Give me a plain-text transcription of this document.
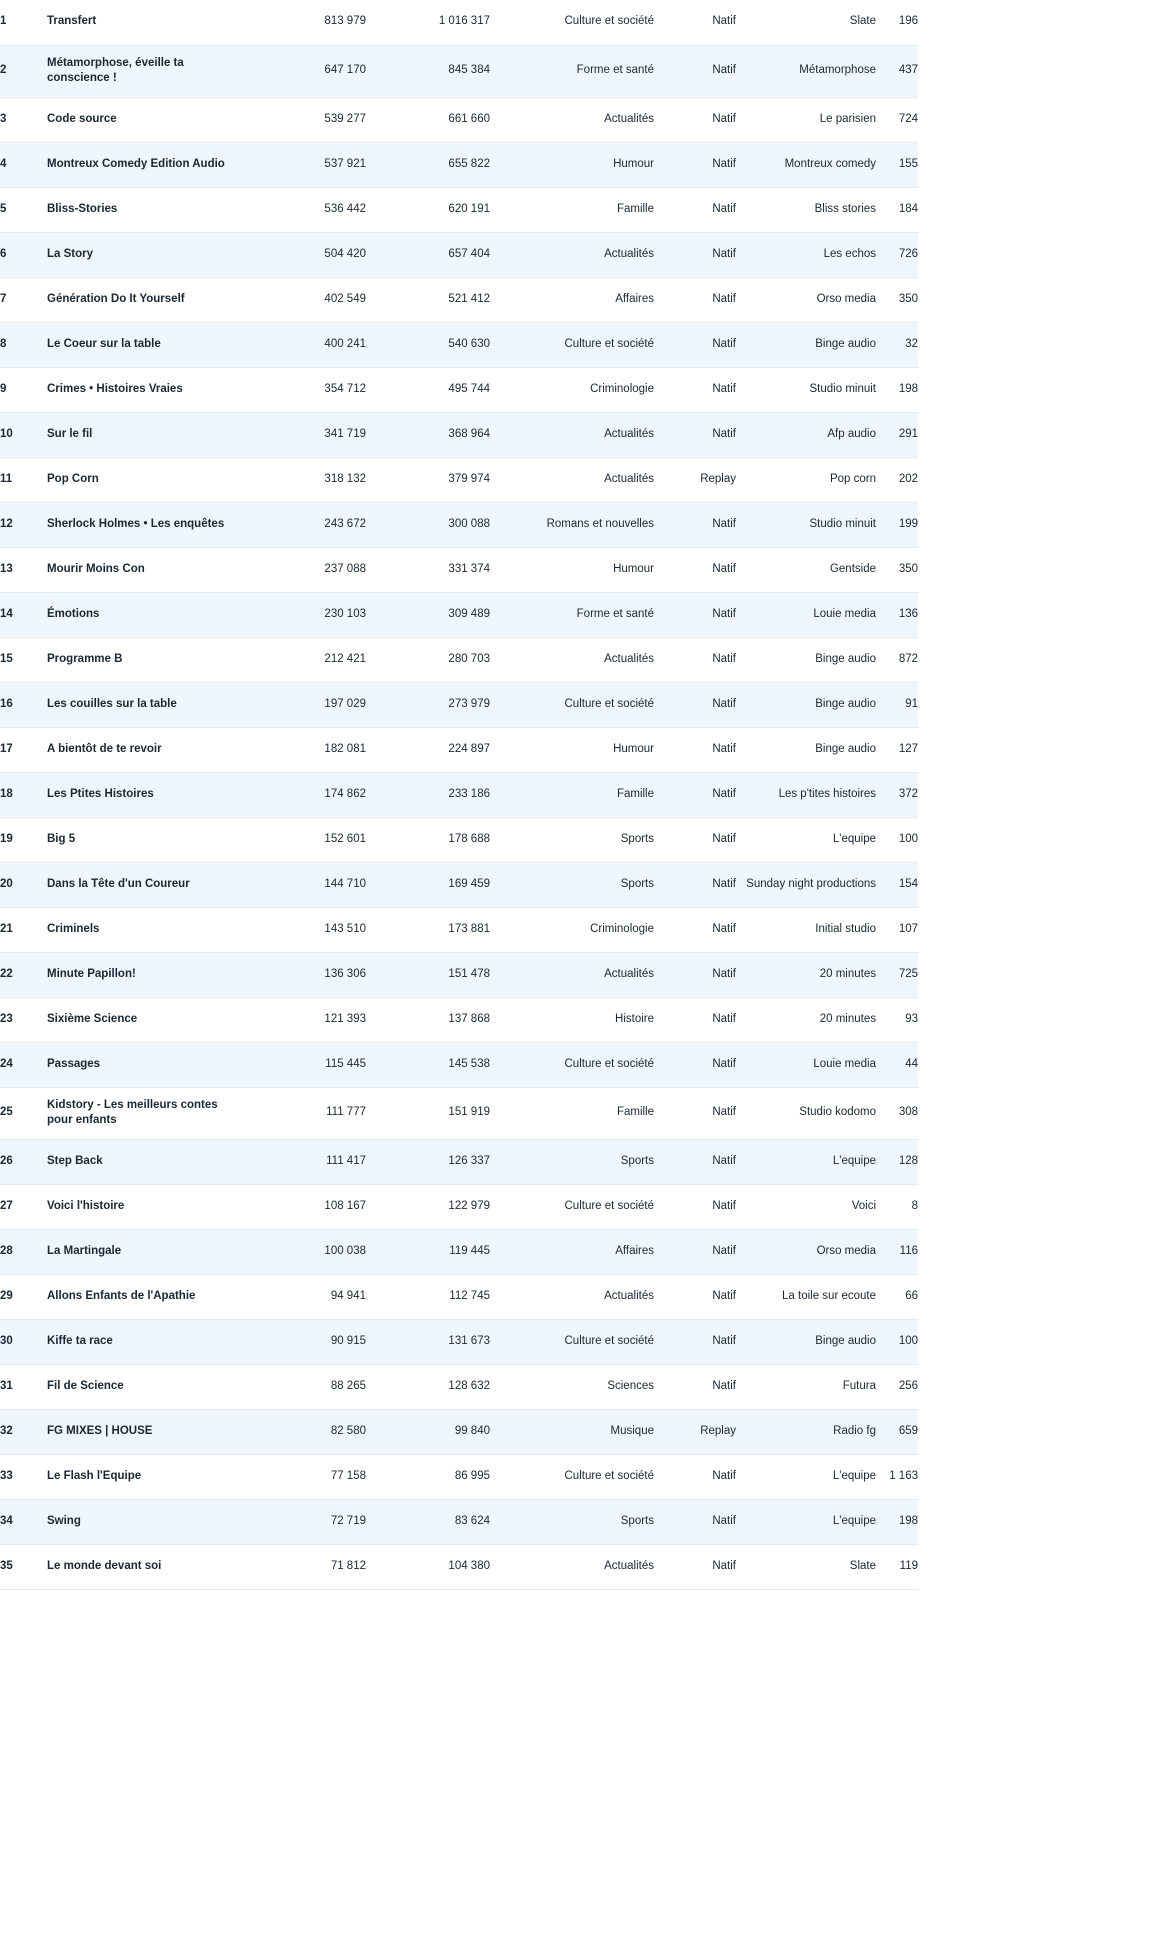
1	Transfert	813 979	1 016 317	Culture et société	Natif	Slate	196
2	Métamorphose, éveille ta conscience !	647 170	845 384	Forme et santé	Natif	Métamorphose	437
3	Code source	539 277	661 660	Actualités	Natif	Le parisien	724
4	Montreux Comedy Edition Audio	537 921	655 822	Humour	Natif	Montreux comedy	155
5	Bliss-Stories	536 442	620 191	Famille	Natif	Bliss stories	184
6	La Story	504 420	657 404	Actualités	Natif	Les echos	726
7	Génération Do It Yourself	402 549	521 412	Affaires	Natif	Orso media	350
8	Le Coeur sur la table	400 241	540 630	Culture et société	Natif	Binge audio	32
9	Crimes • Histoires Vraies	354 712	495 744	Criminologie	Natif	Studio minuit	198
10	Sur le fil	341 719	368 964	Actualités	Natif	Afp audio	291
11	Pop Corn	318 132	379 974	Actualités	Replay	Pop corn	202
12	Sherlock Holmes • Les enquêtes	243 672	300 088	Romans et nouvelles	Natif	Studio minuit	199
13	Mourir Moins Con	237 088	331 374	Humour	Natif	Gentside	350
14	Émotions	230 103	309 489	Forme et santé	Natif	Louie media	136
15	Programme B	212 421	280 703	Actualités	Natif	Binge audio	872
16	Les couilles sur la table	197 029	273 979	Culture et société	Natif	Binge audio	91
17	A bientôt de te revoir	182 081	224 897	Humour	Natif	Binge audio	127
18	Les Ptites Histoires	174 862	233 186	Famille	Natif	Les p'tites histoires	372
19	Big 5	152 601	178 688	Sports	Natif	L'equipe	100
20	Dans la Tête d'un Coureur	144 710	169 459	Sports	Natif	Sunday night productions	154
21	Criminels	143 510	173 881	Criminologie	Natif	Initial studio	107
22	Minute Papillon!	136 306	151 478	Actualités	Natif	20 minutes	725
23	Sixième Science	121 393	137 868	Histoire	Natif	20 minutes	93
24	Passages	115 445	145 538	Culture et société	Natif	Louie media	44
25	Kidstory - Les meilleurs contes pour enfants	111 777	151 919	Famille	Natif	Studio kodomo	308
26	Step Back	111 417	126 337	Sports	Natif	L'equipe	128
27	Voici l'histoire	108 167	122 979	Culture et société	Natif	Voici	8
28	La Martingale	100 038	119 445	Affaires	Natif	Orso media	116
29	Allons Enfants de l'Apathie	94 941	112 745	Actualités	Natif	La toile sur ecoute	66
30	Kiffe ta race	90 915	131 673	Culture et société	Natif	Binge audio	100
31	Fil de Science	88 265	128 632	Sciences	Natif	Futura	256
32	FG MIXES | HOUSE	82 580	99 840	Musique	Replay	Radio fg	659
33	Le Flash l'Equipe	77 158	86 995	Culture et société	Natif	L'equipe	1 163
34	Swing	72 719	83 624	Sports	Natif	L'equipe	198
35	Le monde devant soi	71 812	104 380	Actualités	Natif	Slate	119
